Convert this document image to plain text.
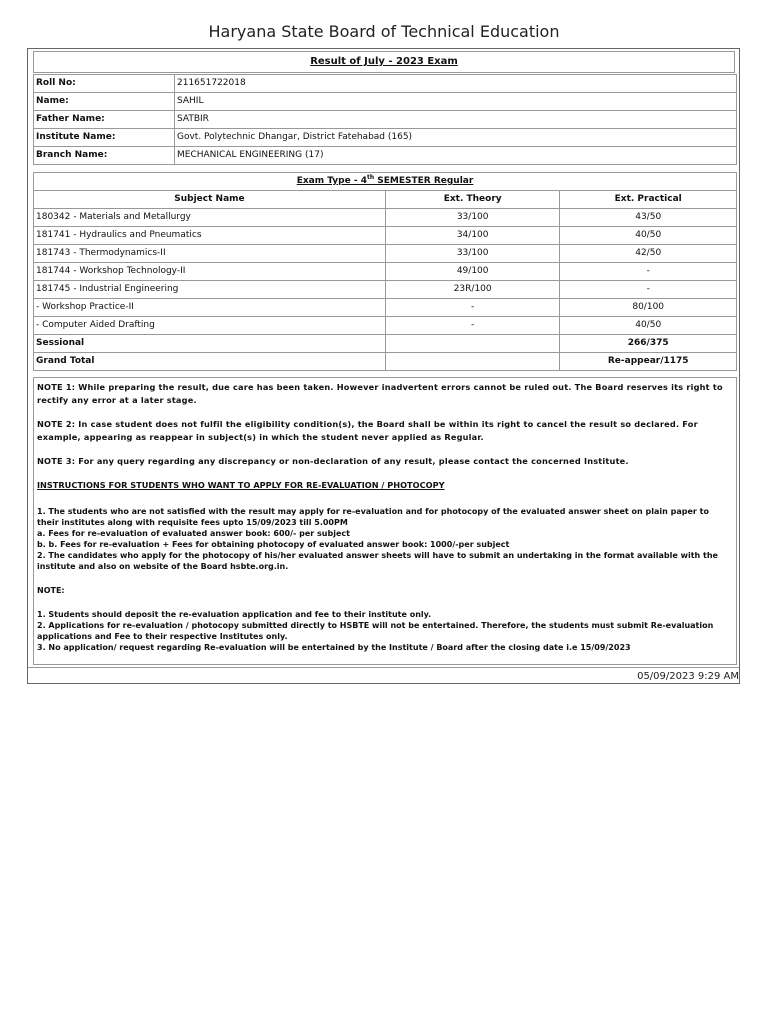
Haryana State Board of Technical Education
Result of July - 2023 Exam
Roll No:	211651722018
Name:	SAHIL
Father Name:	SATBIR
Institute Name:	Govt. Polytechnic Dhangar, District Fatehabad (165)
Branch Name:	MECHANICAL ENGINEERING (17)
Exam Type - 4th SEMESTER Regular		
Subject Name	Ext. Theory	Ext. Practical
180342 - Materials and Metallurgy	33/100	43/50
181741 - Hydraulics and Pneumatics	34/100	40/50
181743 - Thermodynamics-II	33/100	42/50
181744 - Workshop Technology-II	49/100	-
181745 - Industrial Engineering	23R/100	-
- Workshop Practice-II	-	80/100
- Computer Aided Drafting	-	40/50
Sessional		266/375
Grand Total		Re-appear/1175

NOTE 1: While preparing the result, due care has been taken. However inadvertent errors cannot be ruled out. The Board reserves its right to rectify any error at a later stage.

NOTE 2: In case student does not fulfil the eligibility condition(s), the Board shall be within its right to cancel the result so declared. For example, appearing as reappear in subject(s) in which the student never applied as Regular.

NOTE 3: For any query regarding any discrepancy or non-declaration of any result, please contact the concerned Institute.

INSTRUCTIONS FOR STUDENTS WHO WANT TO APPLY FOR RE-EVALUATION / PHOTOCOPY

1. The students who are not satisfied with the result may apply for re-evaluation and for photocopy of the evaluated answer sheet on plain paper to their institutes along with requisite fees upto 15/09/2023 till 5.00PM

a. Fees for re-evaluation of evaluated answer book: 600/- per subject

b. b. Fees for re-evaluation + Fees for obtaining photocopy of evaluated answer book: 1000/-per subject

2. The candidates who apply for the photocopy of his/her evaluated answer sheets will have to submit an undertaking in the format available with the institute and also on website of the Board hsbte.org.in.

NOTE:

1. Students should deposit the re-evaluation application and fee to their institute only.

2. Applications for re-evaluation / photocopy submitted directly to HSBTE will not be entertained. Therefore, the students must submit Re-evaluation applications and Fee to their respective Institutes only.

3. No application/ request regarding Re-evaluation will be entertained by the Institute / Board after the closing date i.e 15/09/2023

05/09/2023 9:29 AM
